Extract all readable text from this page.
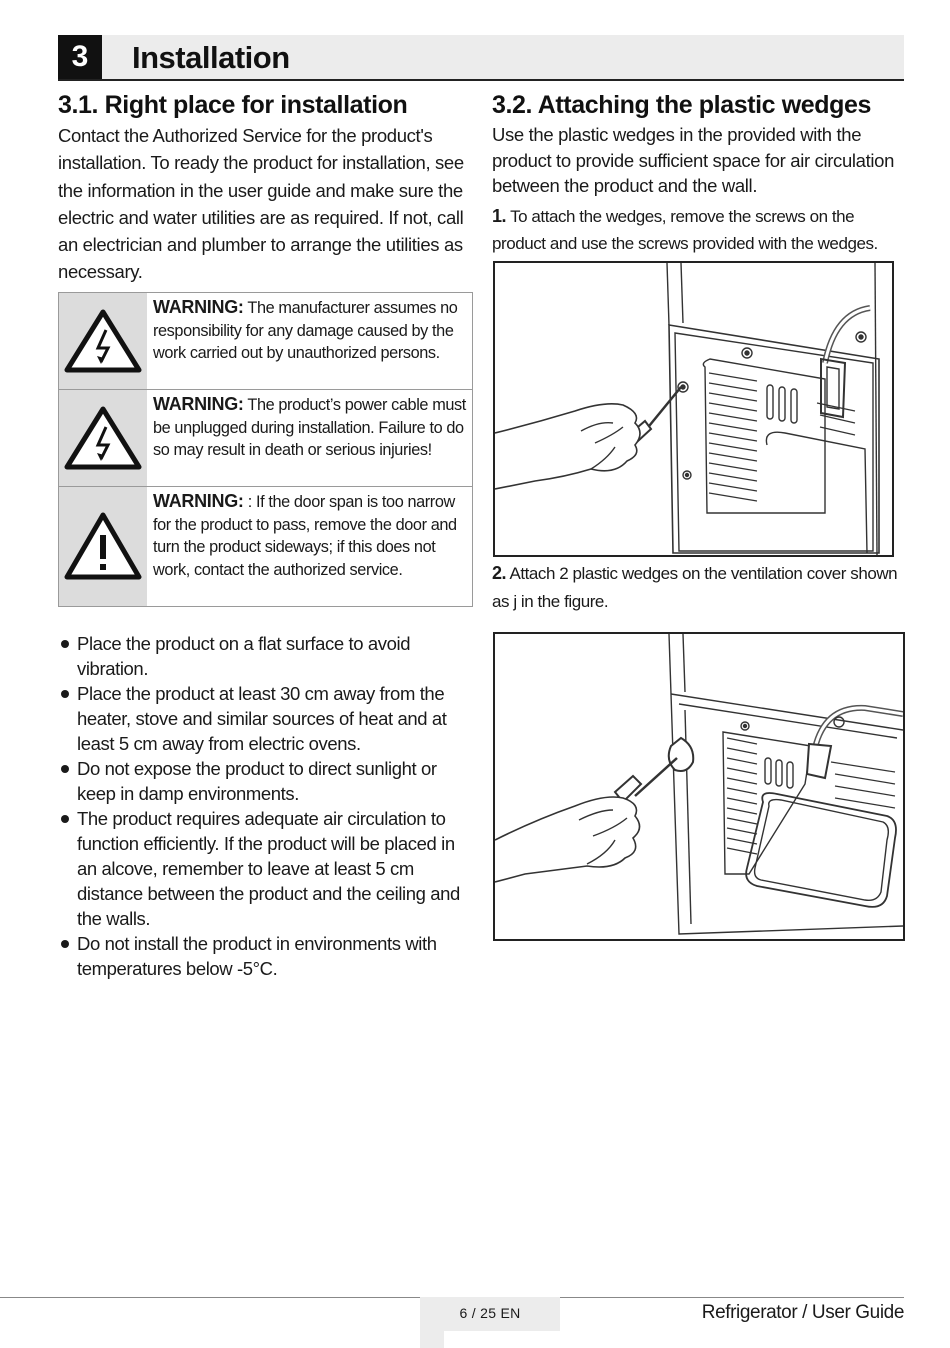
3	Installation
3.1. Right place for installation

Contact the Authorized Service for the product's installation. To ready the product for installation, see the information in the user guide and make sure the electric and water utilities are as required. If not, call an electrician and plumber to arrange the utilities as necessary.

WARNING: The manufacturer assumes no responsibility for any damage caused by the work carried out by unauthorized persons.
WARNING: The product’s power cable must be unplugged during installation. Failure to do so may result in death or serious injuries!
WARNING: : If the door span is too narrow for the product to pass, remove the door and turn the product sideways; if this does not work, contact the authorized service.
Place the product on a flat surface to avoid vibration.
Place the product at least 30 cm away from the heater, stove and similar sources of heat and at least 5 cm away from electric ovens.
Do not expose the product to direct sunlight or keep in damp environments.
The product requires adequate air circulation to function efficiently. If the product will be placed in an alcove, remember to leave at least 5 cm distance between the product and the ceiling and the walls.
Do not install the product in environments with temperatures below -5°C.
3.2. Attaching the plastic wedges

Use the plastic wedges in the provided with the product to provide sufficient space for air circulation between the product and the wall.

1. To attach the wedges, remove the screws on the product and use the screws provided with the wedges.

2. Attach 2 plastic wedges on the ventilation cover shown as j in the figure.

6 / 25 EN	Refrigerator / User Guide
